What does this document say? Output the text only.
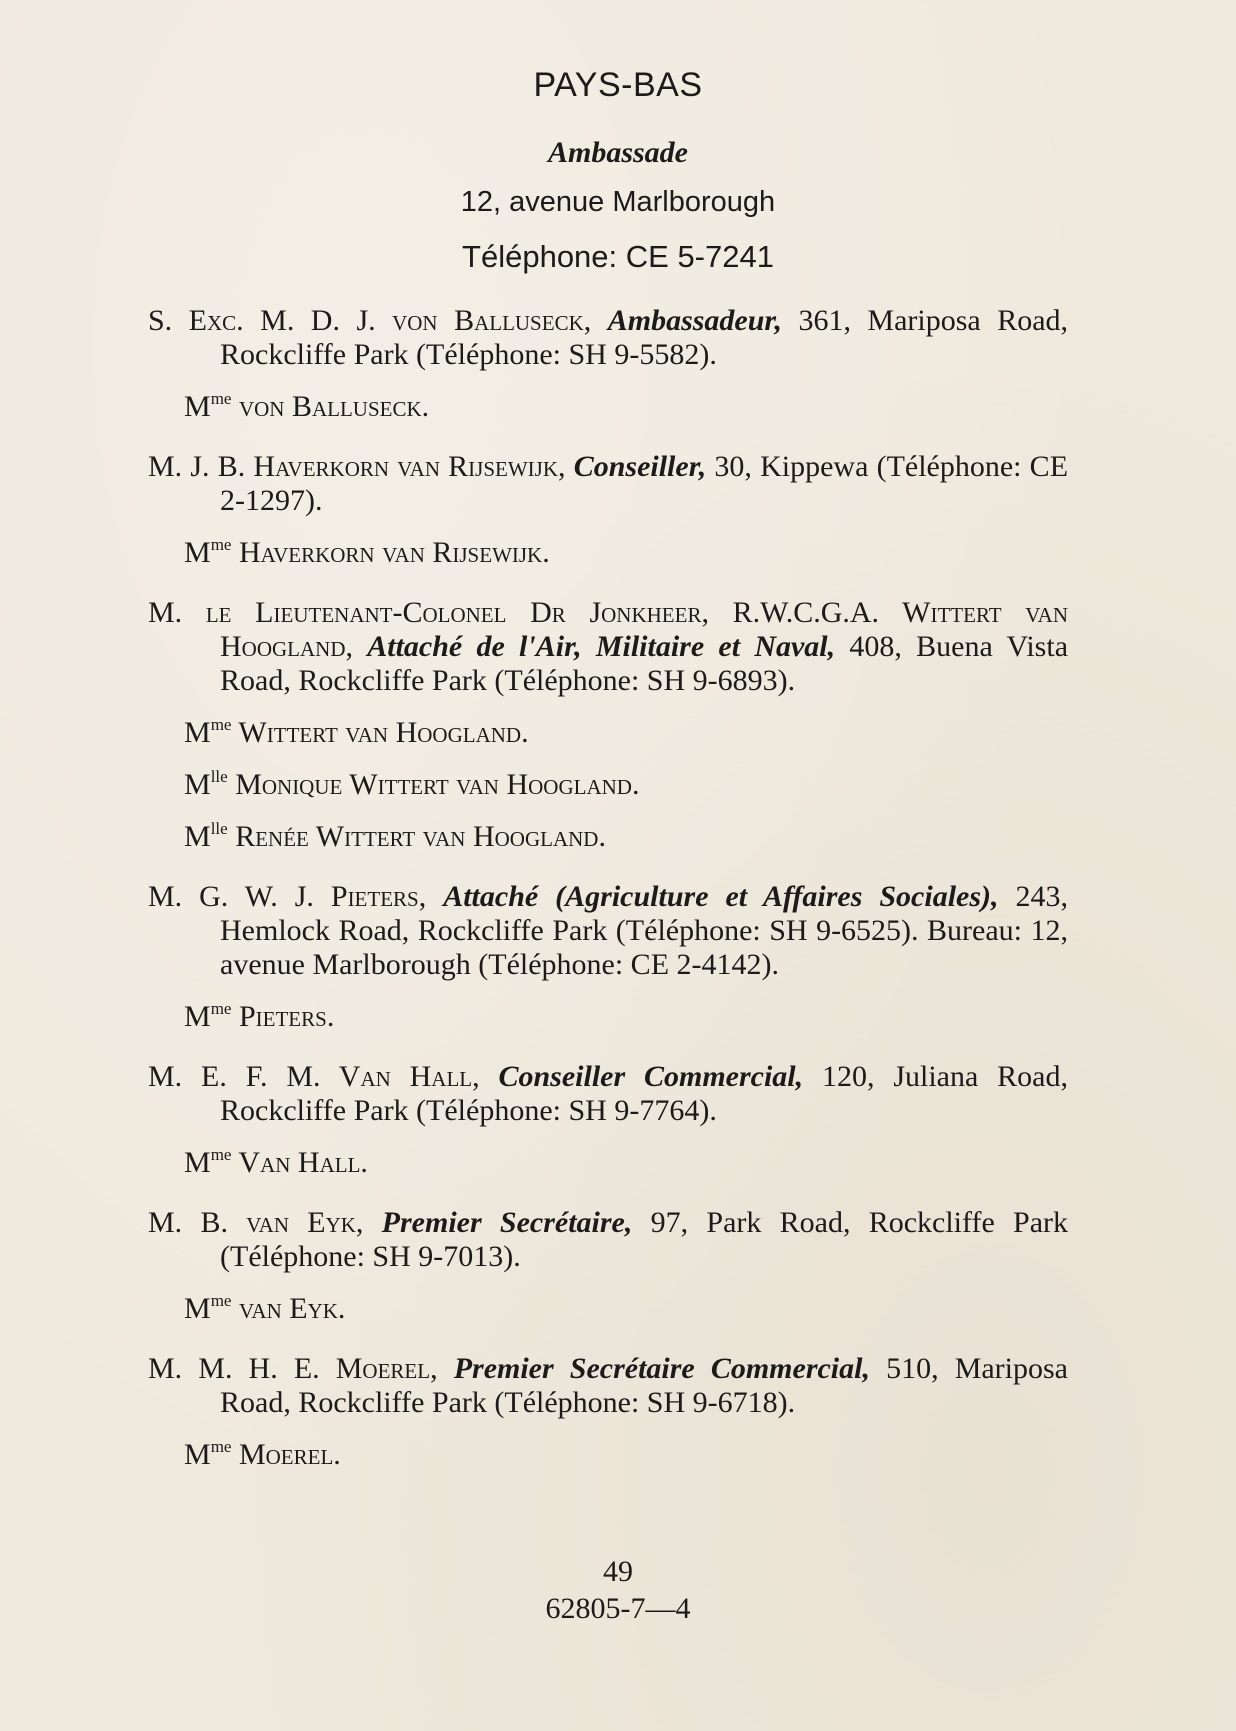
PAYS-BAS
Ambassade
12, avenue Marlborough
Téléphone: CE 5-7241
S. Exc. M. D. J. von Balluseck, Ambassadeur, 361, Mariposa Road, Rockcliffe Park (Téléphone: SH 9-5582).
$M^{me}$ von Balluseck.
M. J. B. Haverkorn van Rijsewijk, Conseiller, 30, Kippewa (Téléphone: CE 2-1297).
$M^{me}$ Haverkorn van Rijsewijk.
M. le Lieutenant-Colonel Dr Jonkheer, R.W.C.G.A. Wittert van Hoogland, Attaché de l'Air, Militaire et Naval, 408, Buena Vista Road, Rockcliffe Park (Téléphone: SH 9-6893).
$M^{me}$ Wittert van Hoogland.
$M^{lle}$ Monique Wittert van Hoogland.
$M^{lle}$ Renée Wittert van Hoogland.
M. G. W. J. Pieters, Attaché (Agriculture et Affaires Sociales), 243, Hemlock Road, Rockcliffe Park (Téléphone: SH 9-6525). Bureau: 12, avenue Marlborough (Téléphone: CE 2-4142).
$M^{me}$ Pieters.
M. E. F. M. Van Hall, Conseiller Commercial, 120, Juliana Road, Rockcliffe Park (Téléphone: SH 9-7764).
$M^{me}$ Van Hall.
M. B. van Eyk, Premier Secrétaire, 97, Park Road, Rockcliffe Park (Téléphone: SH 9-7013).
$M^{me}$ van Eyk.
M. M. H. E. Moerel, Premier Secrétaire Commercial, 510, Mariposa Road, Rockcliffe Park (Téléphone: SH 9-6718).
$M^{me}$ Moerel.
49
62805-7—4
